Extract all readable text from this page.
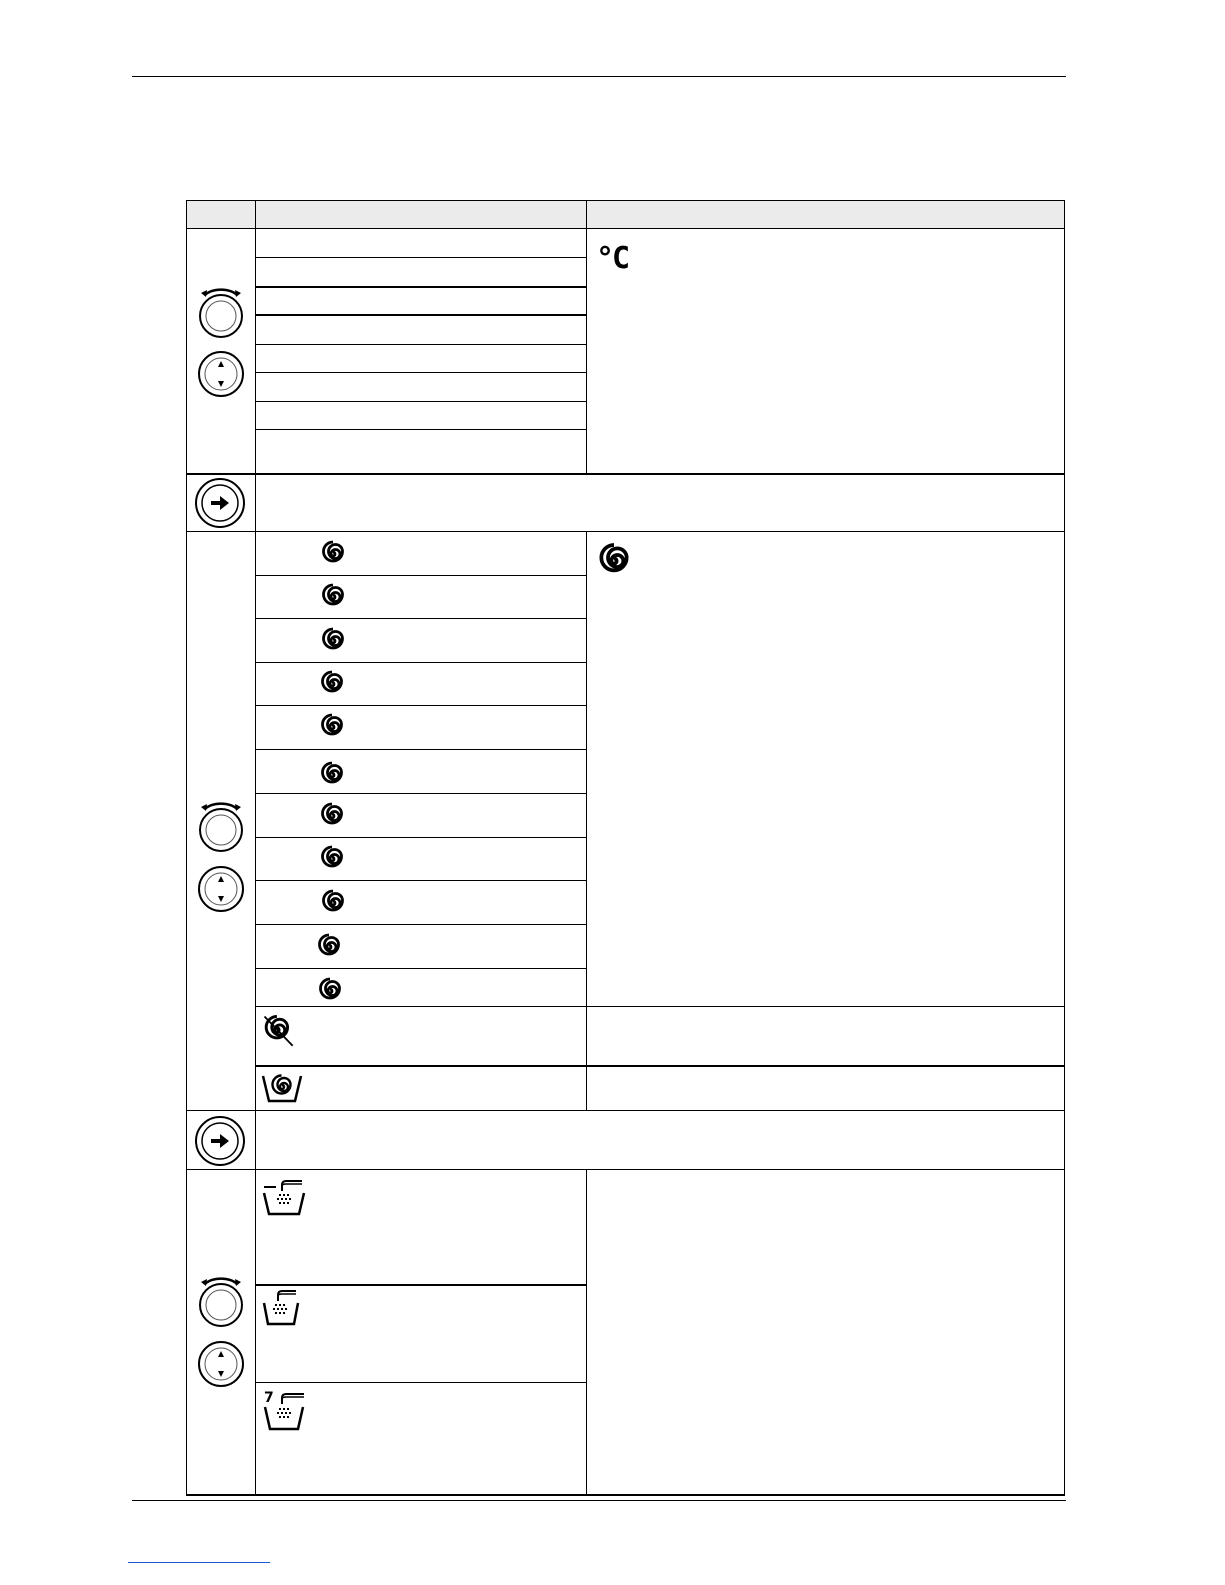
°C
7
